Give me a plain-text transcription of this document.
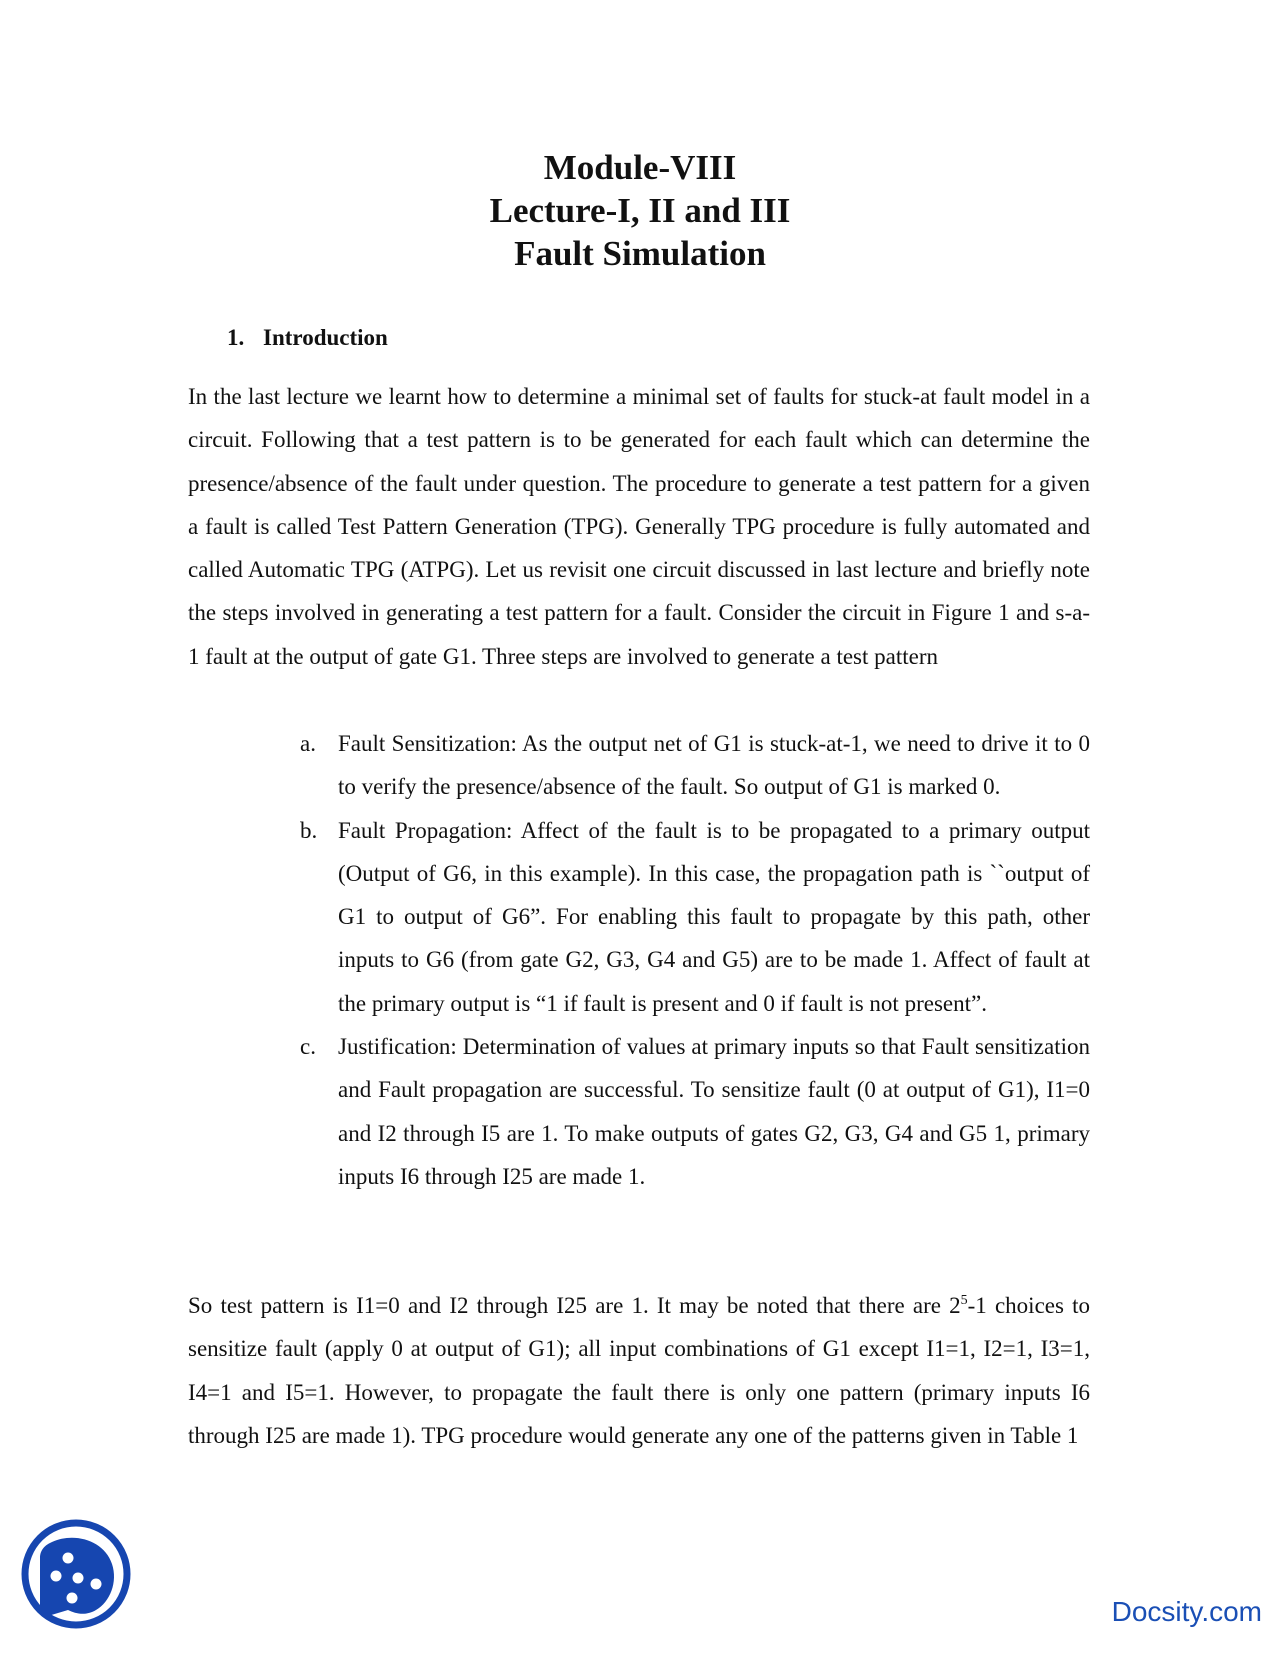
Module-VIII

Lecture-I, II and III

Fault Simulation

1. Introduction

In the last lecture we learnt how to determine a minimal set of faults for stuck-at fault model in a circuit. Following that a test pattern is to be generated for each fault which can determine the presence/absence of the fault under question. The procedure to generate a test pattern for a given a fault is called Test Pattern Generation (TPG). Generally TPG procedure is fully automated and called Automatic TPG (ATPG). Let us revisit one circuit discussed in last lecture and briefly note the steps involved in generating a test pattern for a fault. Consider the circuit in Figure 1 and s-a-1 fault at the output of gate G1. Three steps are involved to generate a test pattern

a. Fault Sensitization: As the output net of G1 is stuck-at-1, we need to drive it to 0 to verify the presence/absence of the fault. So output of G1 is marked 0.
b. Fault Propagation: Affect of the fault is to be propagated to a primary output (Output of G6, in this example). In this case, the propagation path is ``output of G1 to output of G6”. For enabling this fault to propagate by this path, other inputs to G6 (from gate G2, G3, G4 and G5) are to be made 1. Affect of fault at the primary output is “1 if fault is present and 0 if fault is not present”.
c. Justification: Determination of values at primary inputs so that Fault sensitization and Fault propagation are successful. To sensitize fault (0 at output of G1), I1=0 and I2 through I5 are 1. To make outputs of gates G2, G3, G4 and G5 1, primary inputs I6 through I25 are made 1.

So test pattern is I1=0 and I2 through I25 are 1. It may be noted that there are $2^5-1$ choices to sensitize fault (apply 0 at output of G1); all input combinations of G1 except I1=1, I2=1, I3=1, I4=1 and I5=1. However, to propagate the fault there is only one pattern (primary inputs I6 through I25 are made 1). TPG procedure would generate any one of the patterns given in Table 1

Docsity.com
